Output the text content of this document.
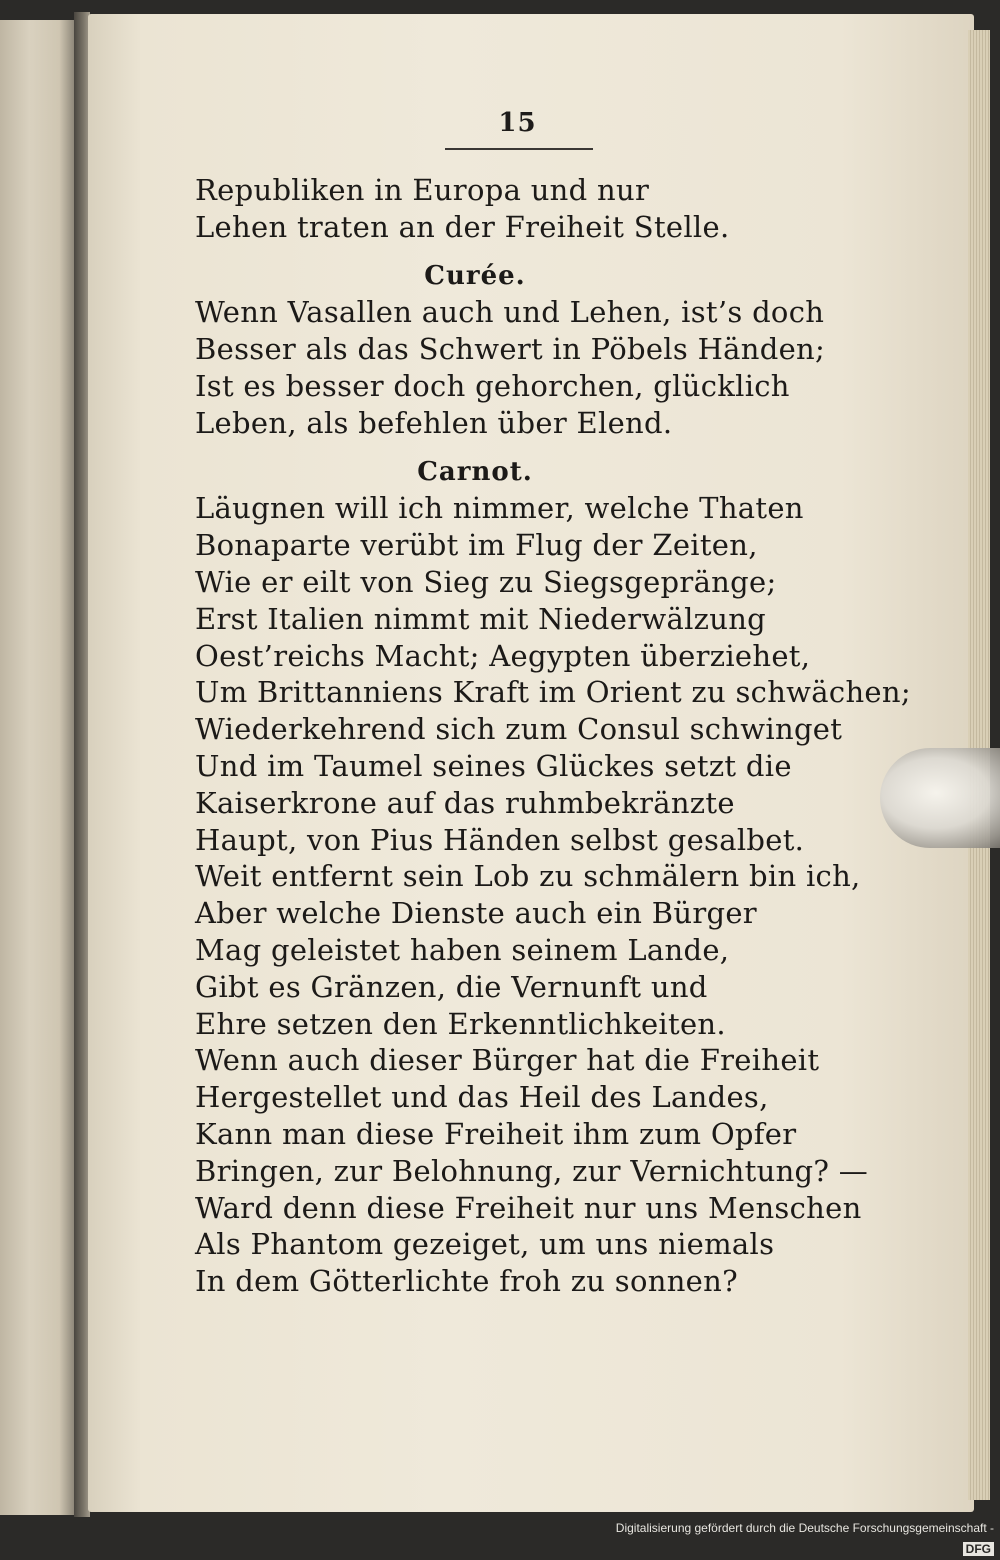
15
Republiken in Europa und nur
Lehen traten an der Freiheit Stelle.
Curée.
Wenn Vasallen auch und Lehen, ist’s doch
Besser als das Schwert in Pöbels Händen;
Ist es besser doch gehorchen, glücklich
Leben, als befehlen über Elend.
Carnot.
Läugnen will ich nimmer, welche Thaten
Bonaparte verübt im Flug der Zeiten,
Wie er eilt von Sieg zu Siegsgepränge;
Erst Italien nimmt mit Niederwälzung
Oest’reichs Macht; Aegypten überziehet,
Um Brittanniens Kraft im Orient zu schwächen;
Wiederkehrend sich zum Consul schwinget
Und im Taumel seines Glückes setzt die
Kaiserkrone auf das ruhmbekränzte
Haupt, von Pius Händen selbst gesalbet.
Weit entfernt sein Lob zu schmälern bin ich,
Aber welche Dienste auch ein Bürger
Mag geleistet haben seinem Lande,
Gibt es Gränzen, die Vernunft und
Ehre setzen den Erkenntlichkeiten.
Wenn auch dieser Bürger hat die Freiheit
Hergestellet und das Heil des Landes,
Kann man diese Freiheit ihm zum Opfer
Bringen, zur Belohnung, zur Vernichtung? —
Ward denn diese Freiheit nur uns Menschen
Als Phantom gezeiget, um uns niemals
In dem Götterlichte froh zu sonnen?
Digitalisierung gefördert durch die Deutsche Forschungsgemeinschaft -DFG
